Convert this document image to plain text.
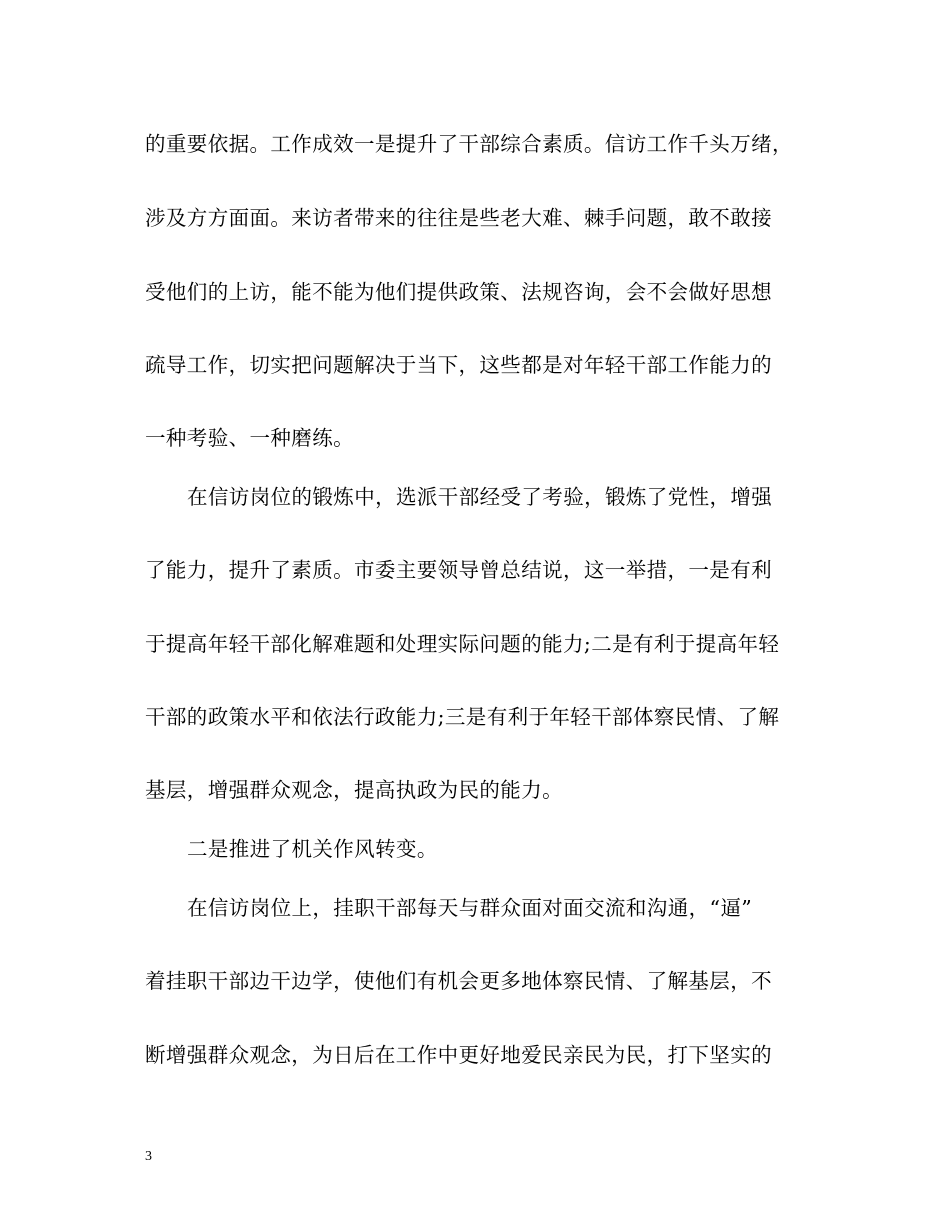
的重要依据。工作成效一是提升了干部综合素质。信访工作千头万绪，
涉及方方面面。来访者带来的往往是些老大难、棘手问题，敢不敢接
受他们的上访，能不能为他们提供政策、法规咨询，会不会做好思想
疏导工作，切实把问题解决于当下，这些都是对年轻干部工作能力的
一种考验、一种磨练。
在信访岗位的锻炼中，选派干部经受了考验，锻炼了党性，增强
了能力，提升了素质。市委主要领导曾总结说，这一举措，一是有利
于提高年轻干部化解难题和处理实际问题的能力;二是有利于提高年轻
干部的政策水平和依法行政能力;三是有利于年轻干部体察民情、了解
基层，增强群众观念，提高执政为民的能力。
二是推进了机关作风转变。
在信访岗位上，挂职干部每天与群众面对面交流和沟通，“逼”
着挂职干部边干边学，使他们有机会更多地体察民情、了解基层，不
断增强群众观念，为日后在工作中更好地爱民亲民为民，打下坚实的
3
